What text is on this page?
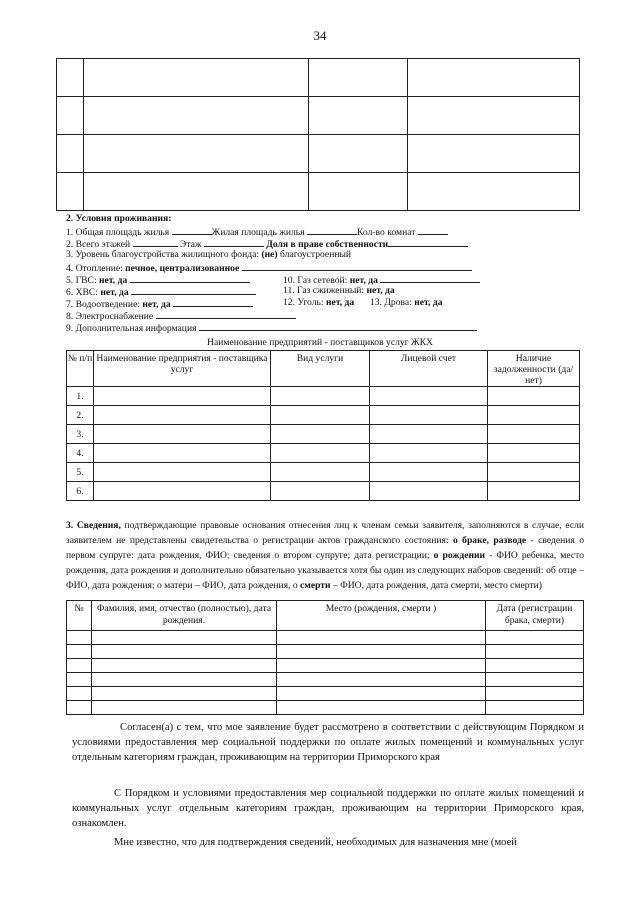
34

2. Условия проживания:
1. Общая площадь жилья	Жилая площадь жилья	Кол-во комнат
2. Всего этажей	Этаж	Доля в праве собственности
3. Уровень благоустройства жилищного фонда: (не) благоустроенный
4. Отопление: печное, централизованное
5. ГВС: нет, да	10. Газ сетевой: нет, да
6. ХВС: нет, да	11. Газ сжиженный: нет, да
7. Водоотведение: нет, да	12. Уголь: нет, да 13. Дрова: нет, да
8. Электроснабжение
9. Дополнительная информация
Наименование предприятий - поставщиков услуг ЖКХ
№ п/п	Наименование предприятия - поставщика услуг	Вид услуги	Лицевой счет	Наличие задолженности (да/нет)
1.				
2.				
3.				
4.				
5.				
6.				
3. Сведения, подтверждающие правовые основания отнесения лиц к членам семьи заявителя, заполняются в случае, если заявителем не представлены свидетельства о регистрации актов гражданского состояния: о браке, разводе - сведения о первом супруге: дата рождения, ФИО; сведения о втором супруге; дата регистрации; о рождении - ФИО ребенка, место рождения, дата рождения и дополнительно обязательно указывается хотя бы один из следующих наборов сведений: об отце – ФИО, дата рождения; о матери – ФИО, дата рождения, о смерти – ФИО, дата рождения, дата смерти, место смерти)
№	Фамилия, имя, отчество (полностью), дата рождения.	Место (рождения, смерти )	Дата (регистрации брака, смерти)

Согласен(а) с тем, что мое заявление будет рассмотрено в соответствии с действующим Порядком и условиями предоставления мер социальной поддержки по оплате жилых помещений и коммунальных услуг отдельным категориям граждан, проживающим на территории Приморского края
С Порядком и условиями предоставления мер социальной поддержки по оплате жилых помещений и коммунальных услуг отдельным категориям граждан, проживающим на территории Приморского края, ознакомлен.
Мне известно, что для подтверждения сведений, необходимых для назначения мне (моей
